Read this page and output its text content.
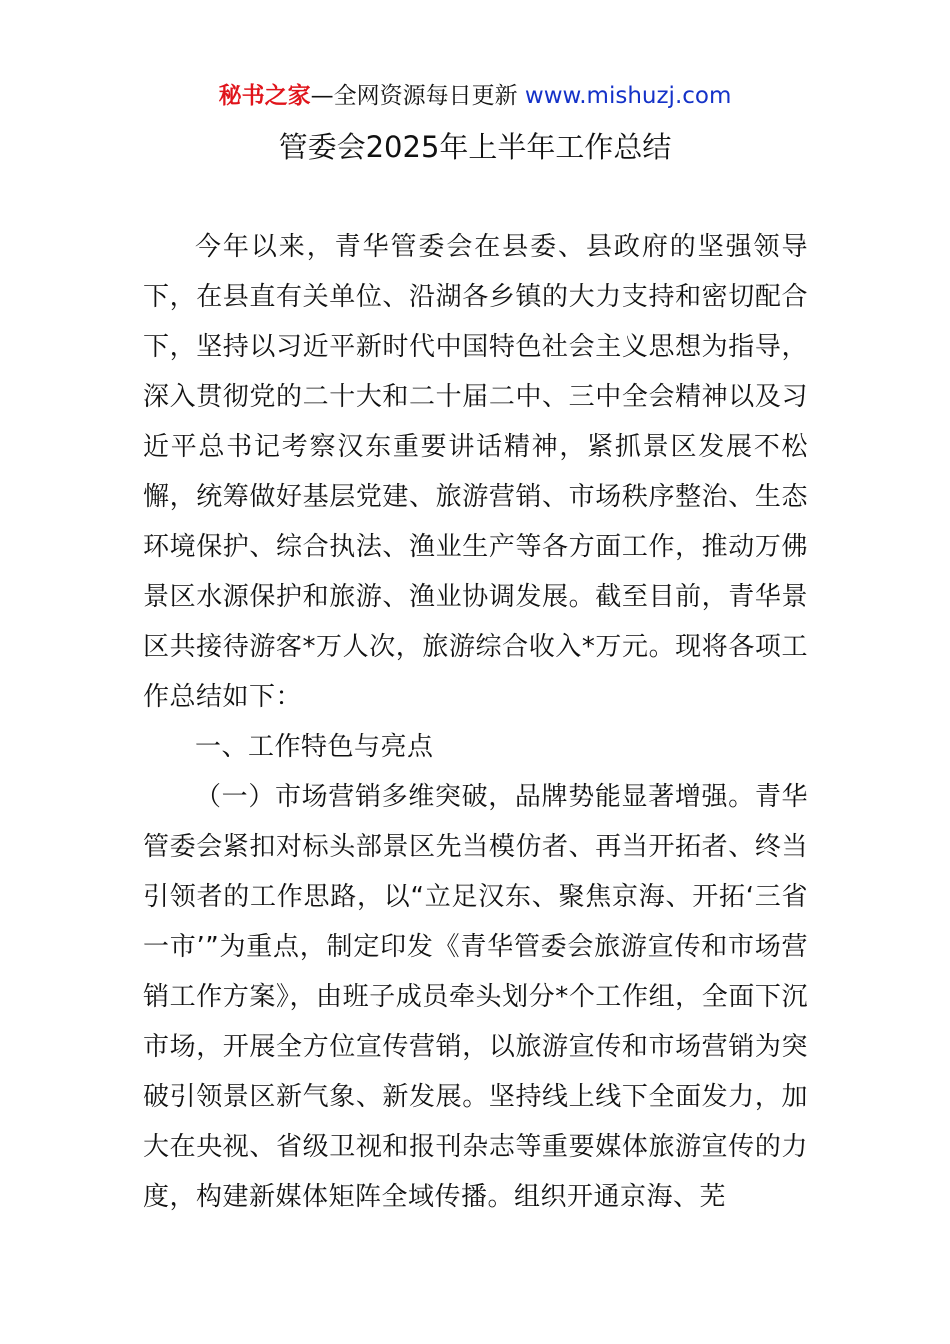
秘书之家—全网资源每日更新 www.mishuzj.com
管委会2025年上半年工作总结

今年以来，青华管委会在县委、县政府的坚强领导下，在县直有关单位、沿湖各乡镇的大力支持和密切配合下，坚持以习近平新时代中国特色社会主义思想为指导，深入贯彻党的二十大和二十届二中、三中全会精神以及习近平总书记考察汉东重要讲话精神，紧抓景区发展不松懈，统筹做好基层党建、旅游营销、市场秩序整治、生态环境保护、综合执法、渔业生产等各方面工作，推动万佛景区水源保护和旅游、渔业协调发展。截至目前，青华景区共接待游客*万人次，旅游综合收入*万元。现将各项工作总结如下：

一、工作特色与亮点

（一）市场营销多维突破，品牌势能显著增强。青华管委会紧扣对标头部景区先当模仿者、再当开拓者、终当引领者的工作思路，以“立足汉东、聚焦京海、开拓‘三省一市’”为重点，制定印发《青华管委会旅游宣传和市场营销工作方案》，由班子成员牵头划分*个工作组，全面下沉市场，开展全方位宣传营销，以旅游宣传和市场营销为突破引领景区新气象、新发展。坚持线上线下全面发力，加大在央视、省级卫视和报刊杂志等重要媒体旅游宣传的力度，构建新媒体矩阵全域传播。组织开通京海、芜
